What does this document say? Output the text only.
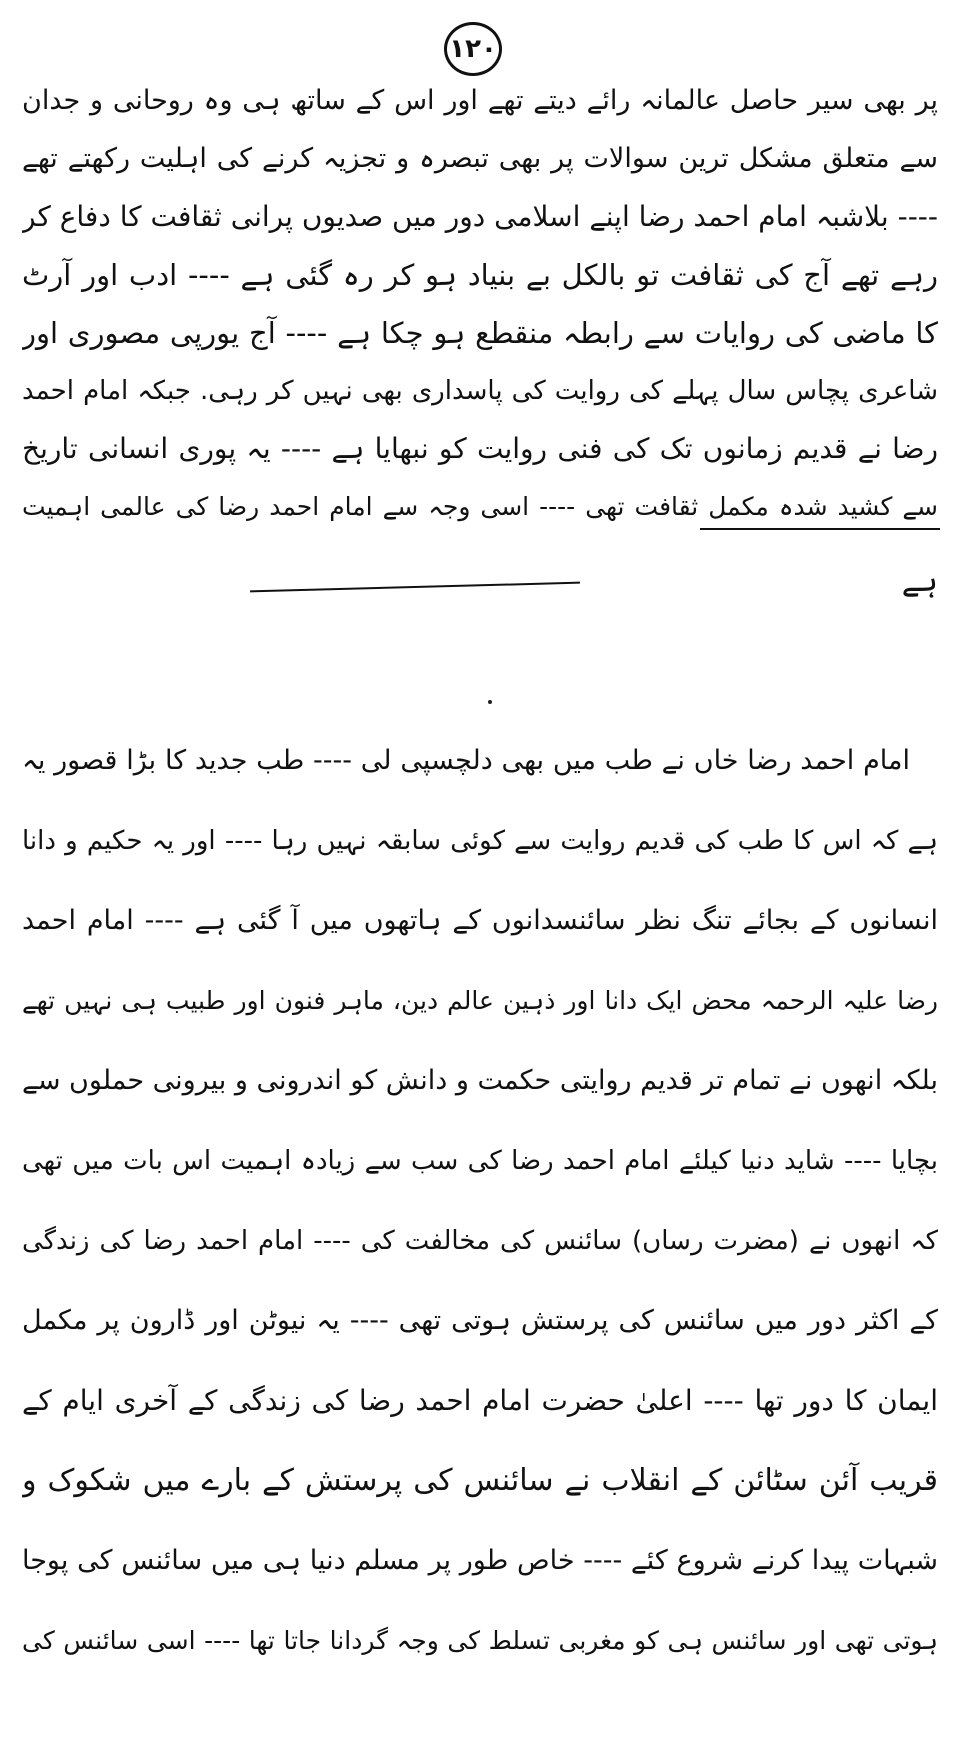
۱۲۰
پر بھی سیر حاصل عالمانہ رائے دیتے تھے اور اس کے ساتھ ہی وہ روحانی و جدان
سے متعلق مشکل ترین سوالات پر بھی تبصرہ و تجزیہ کرنے کی اہلیت رکھتے تھے
---- بلاشبہ امام احمد رضا اپنے اسلامی دور میں صدیوں پرانی ثقافت کا دفاع کر
رہے تھے آج کی ثقافت تو بالکل بے بنیاد ہو کر رہ گئی ہے ---- ادب اور آرٹ
کا ماضی کی روایات سے رابطہ منقطع ہو چکا ہے ---- آج یورپی مصوری اور
شاعری پچاس سال پہلے کی روایت کی پاسداری بھی نہیں کر رہی. جبکہ امام احمد
رضا نے قدیم زمانوں تک کی فنی روایت کو نبھایا ہے ---- یہ پوری انسانی تاریخ
سے کشید شدہ مکمل ثقافت تھی ---- اسی وجہ سے امام احمد رضا کی عالمی اہمیت
ہے
امام احمد رضا خاں نے طب میں بھی دلچسپی لی ---- طب جدید کا بڑا قصور یہ
ہے کہ اس کا طب کی قدیم روایت سے کوئی سابقہ نہیں رہا ---- اور یہ حکیم و دانا
انسانوں کے بجائے تنگ نظر سائنسدانوں کے ہاتھوں میں آ گئی ہے ---- امام احمد
رضا علیہ الرحمہ محض ایک دانا اور ذہین عالم دین، ماہر فنون اور طبیب ہی نہیں تھے
بلکہ انھوں نے تمام تر قدیم روایتی حکمت و دانش کو اندرونی و بیرونی حملوں سے
بچایا ---- شاید دنیا کیلئے امام احمد رضا کی سب سے زیادہ اہمیت اس بات میں تھی
کہ انھوں نے (مضرت رساں) سائنس کی مخالفت کی ---- امام احمد رضا کی زندگی
کے اکثر دور میں سائنس کی پرستش ہوتی تھی ---- یہ نیوٹن اور ڈارون پر مکمل
ایمان کا دور تھا ---- اعلیٰ حضرت امام احمد رضا کی زندگی کے آخری ایام کے
قریب آئن سٹائن کے انقلاب نے سائنس کی پرستش کے بارے میں شکوک و
شبہات پیدا کرنے شروع کئے ---- خاص طور پر مسلم دنیا ہی میں سائنس کی پوجا
ہوتی تھی اور سائنس ہی کو مغربی تسلط کی وجہ گردانا جاتا تھا ---- اسی سائنس کی
